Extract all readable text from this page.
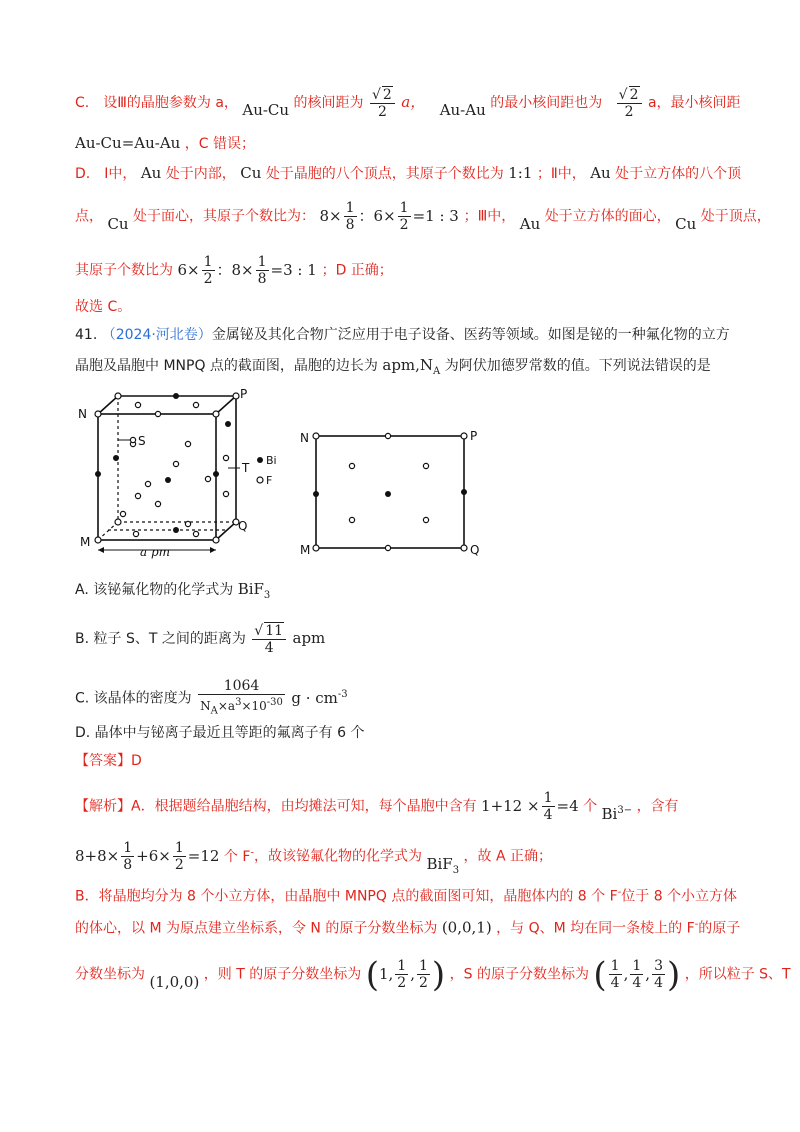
C.　设Ⅲ的晶胞参数为 a， Au-Cu 的核间距为 $\frac{√ 2}{2}$ a， Au-Au 的最小核间距也为 $\frac{√ 2}{2}$ a，最小核间距
Au-Cu=Au-Au ，C 错误；
D.　Ⅰ中， Au 处于内部， Cu 处于晶胞的八个顶点，其原子个数比为 1:1 ；Ⅱ中， Au 处于立方体的八个顶
点， Cu 处于面心，其原子个数比为： $8\times \frac{1}{8}$ ：$6\times \frac{1}{2} =1$ : 3 ；Ⅲ中， Au 处于立方体的面心， Cu 处于顶点，
其原子个数比为 $6\times \frac{1}{2}$ ：$8\times \frac{1}{8} =3$ : 1 ；D 正确；
故选 C。
41. （2024·河北卷）金属铋及其化合物广泛应用于电子设备、医药等领域。如图是铋的一种氟化物的立方
晶胞及晶胞中 MNPQ 点的截面图，晶胞的边长为 $apm,N_A$ 为阿伏加德罗常数的值。下列说法错误的是
a pm
N
P
M
Q
S
T
Bi
F
N	P
M	Q
A. 该铋氟化物的化学式为 BiF$_3$
B. 粒子 S、T 之间的距离为 $\frac{√ 11}{4}$ apm
C. 该晶体的密度为 $\frac{1064}{N_A\times a^3\times 10^{-30}}$ $g \cdot cm^{-3}$
D. 晶体中与铋离子最近且等距的氟离子有 6 个
【答案】D
【解析】A．根据题给晶胞结构，由均摊法可知，每个晶胞中含有 $1+12 \times \frac{1}{4} =4$ 个 $Bi^{3-}$ ，含有
$8+8\times \frac{1}{8} +6\times \frac{1}{2} =12$ 个 F-，故该铋氟化物的化学式为 BiF$_3$ ，故 A 正确；
B．将晶胞均分为 8 个小立方体，由晶胞中 MNPQ 点的截面图可知，晶胞体内的 8 个 F-位于 8 个小立方体
的体心，以 M 为原点建立坐标系，令 N 的原子分数坐标为 (0,0,1) ，与 Q、M 均在同一条棱上的 F-的原子
分数坐标为 (1,0,0) ，则 T 的原子分数坐标为 (1, $\frac{1}{2}$ , $\frac{1}{2}$ ) ，S 的原子分数坐标为 ( $\frac{1}{4}$ , $\frac{1}{4}$ , $\frac{3}{4}$ ) ，所以粒子 S、T
